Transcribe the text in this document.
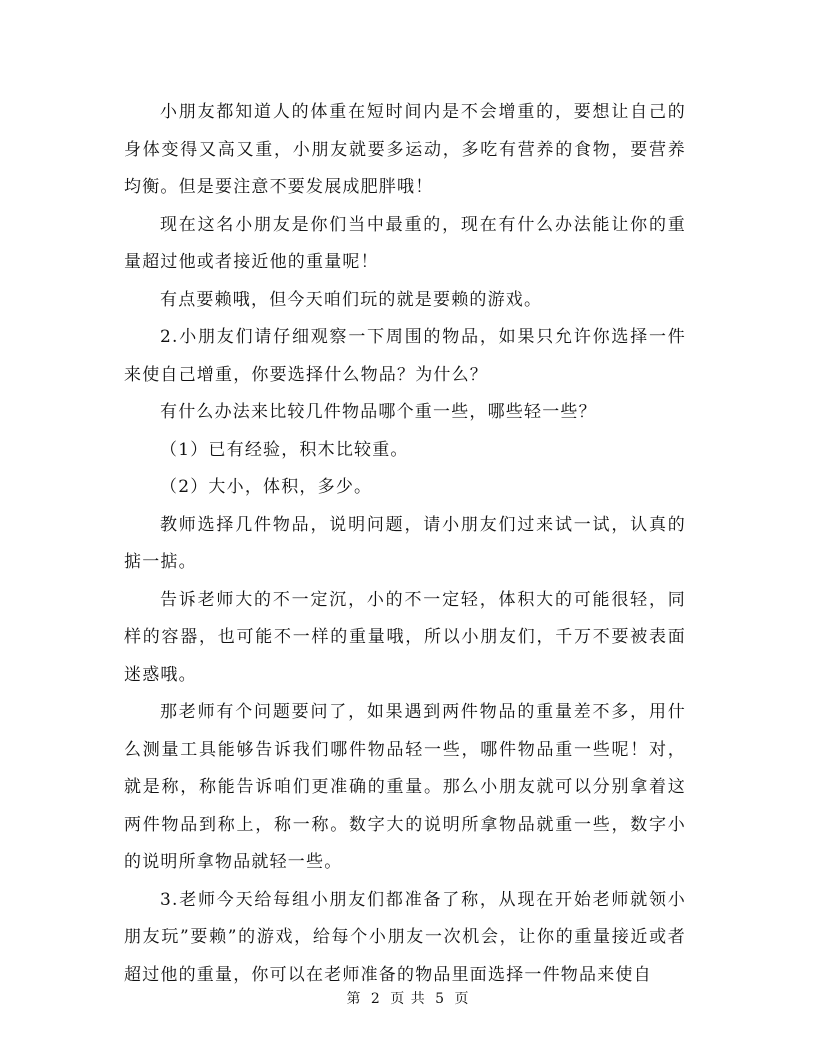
小朋友都知道人的体重在短时间内是不会增重的，要想让自己的身体变得又高又重，小朋友就要多运动，多吃有营养的食物，要营养均衡。但是要注意不要发展成肥胖哦！

现在这名小朋友是你们当中最重的，现在有什么办法能让你的重量超过他或者接近他的重量呢！

有点要赖哦，但今天咱们玩的就是要赖的游戏。

2.小朋友们请仔细观察一下周围的物品，如果只允许你选择一件来使自己增重，你要选择什么物品？为什么？

有什么办法来比较几件物品哪个重一些，哪些轻一些？

（1）已有经验，积木比较重。

（2）大小，体积，多少。

教师选择几件物品，说明问题，请小朋友们过来试一试，认真的掂一掂。

告诉老师大的不一定沉，小的不一定轻，体积大的可能很轻，同样的容器，也可能不一样的重量哦，所以小朋友们，千万不要被表面迷惑哦。

那老师有个问题要问了，如果遇到两件物品的重量差不多，用什么测量工具能够告诉我们哪件物品轻一些，哪件物品重一些呢！对，就是称，称能告诉咱们更准确的重量。那么小朋友就可以分别拿着这两件物品到称上，称一称。数字大的说明所拿物品就重一些，数字小的说明所拿物品就轻一些。

3.老师今天给每组小朋友们都准备了称，从现在开始老师就领小朋友玩”要赖”的游戏，给每个小朋友一次机会，让你的重量接近或者超过他的重量，你可以在老师准备的物品里面选择一件物品来使自

第 2 页 共 5 页
